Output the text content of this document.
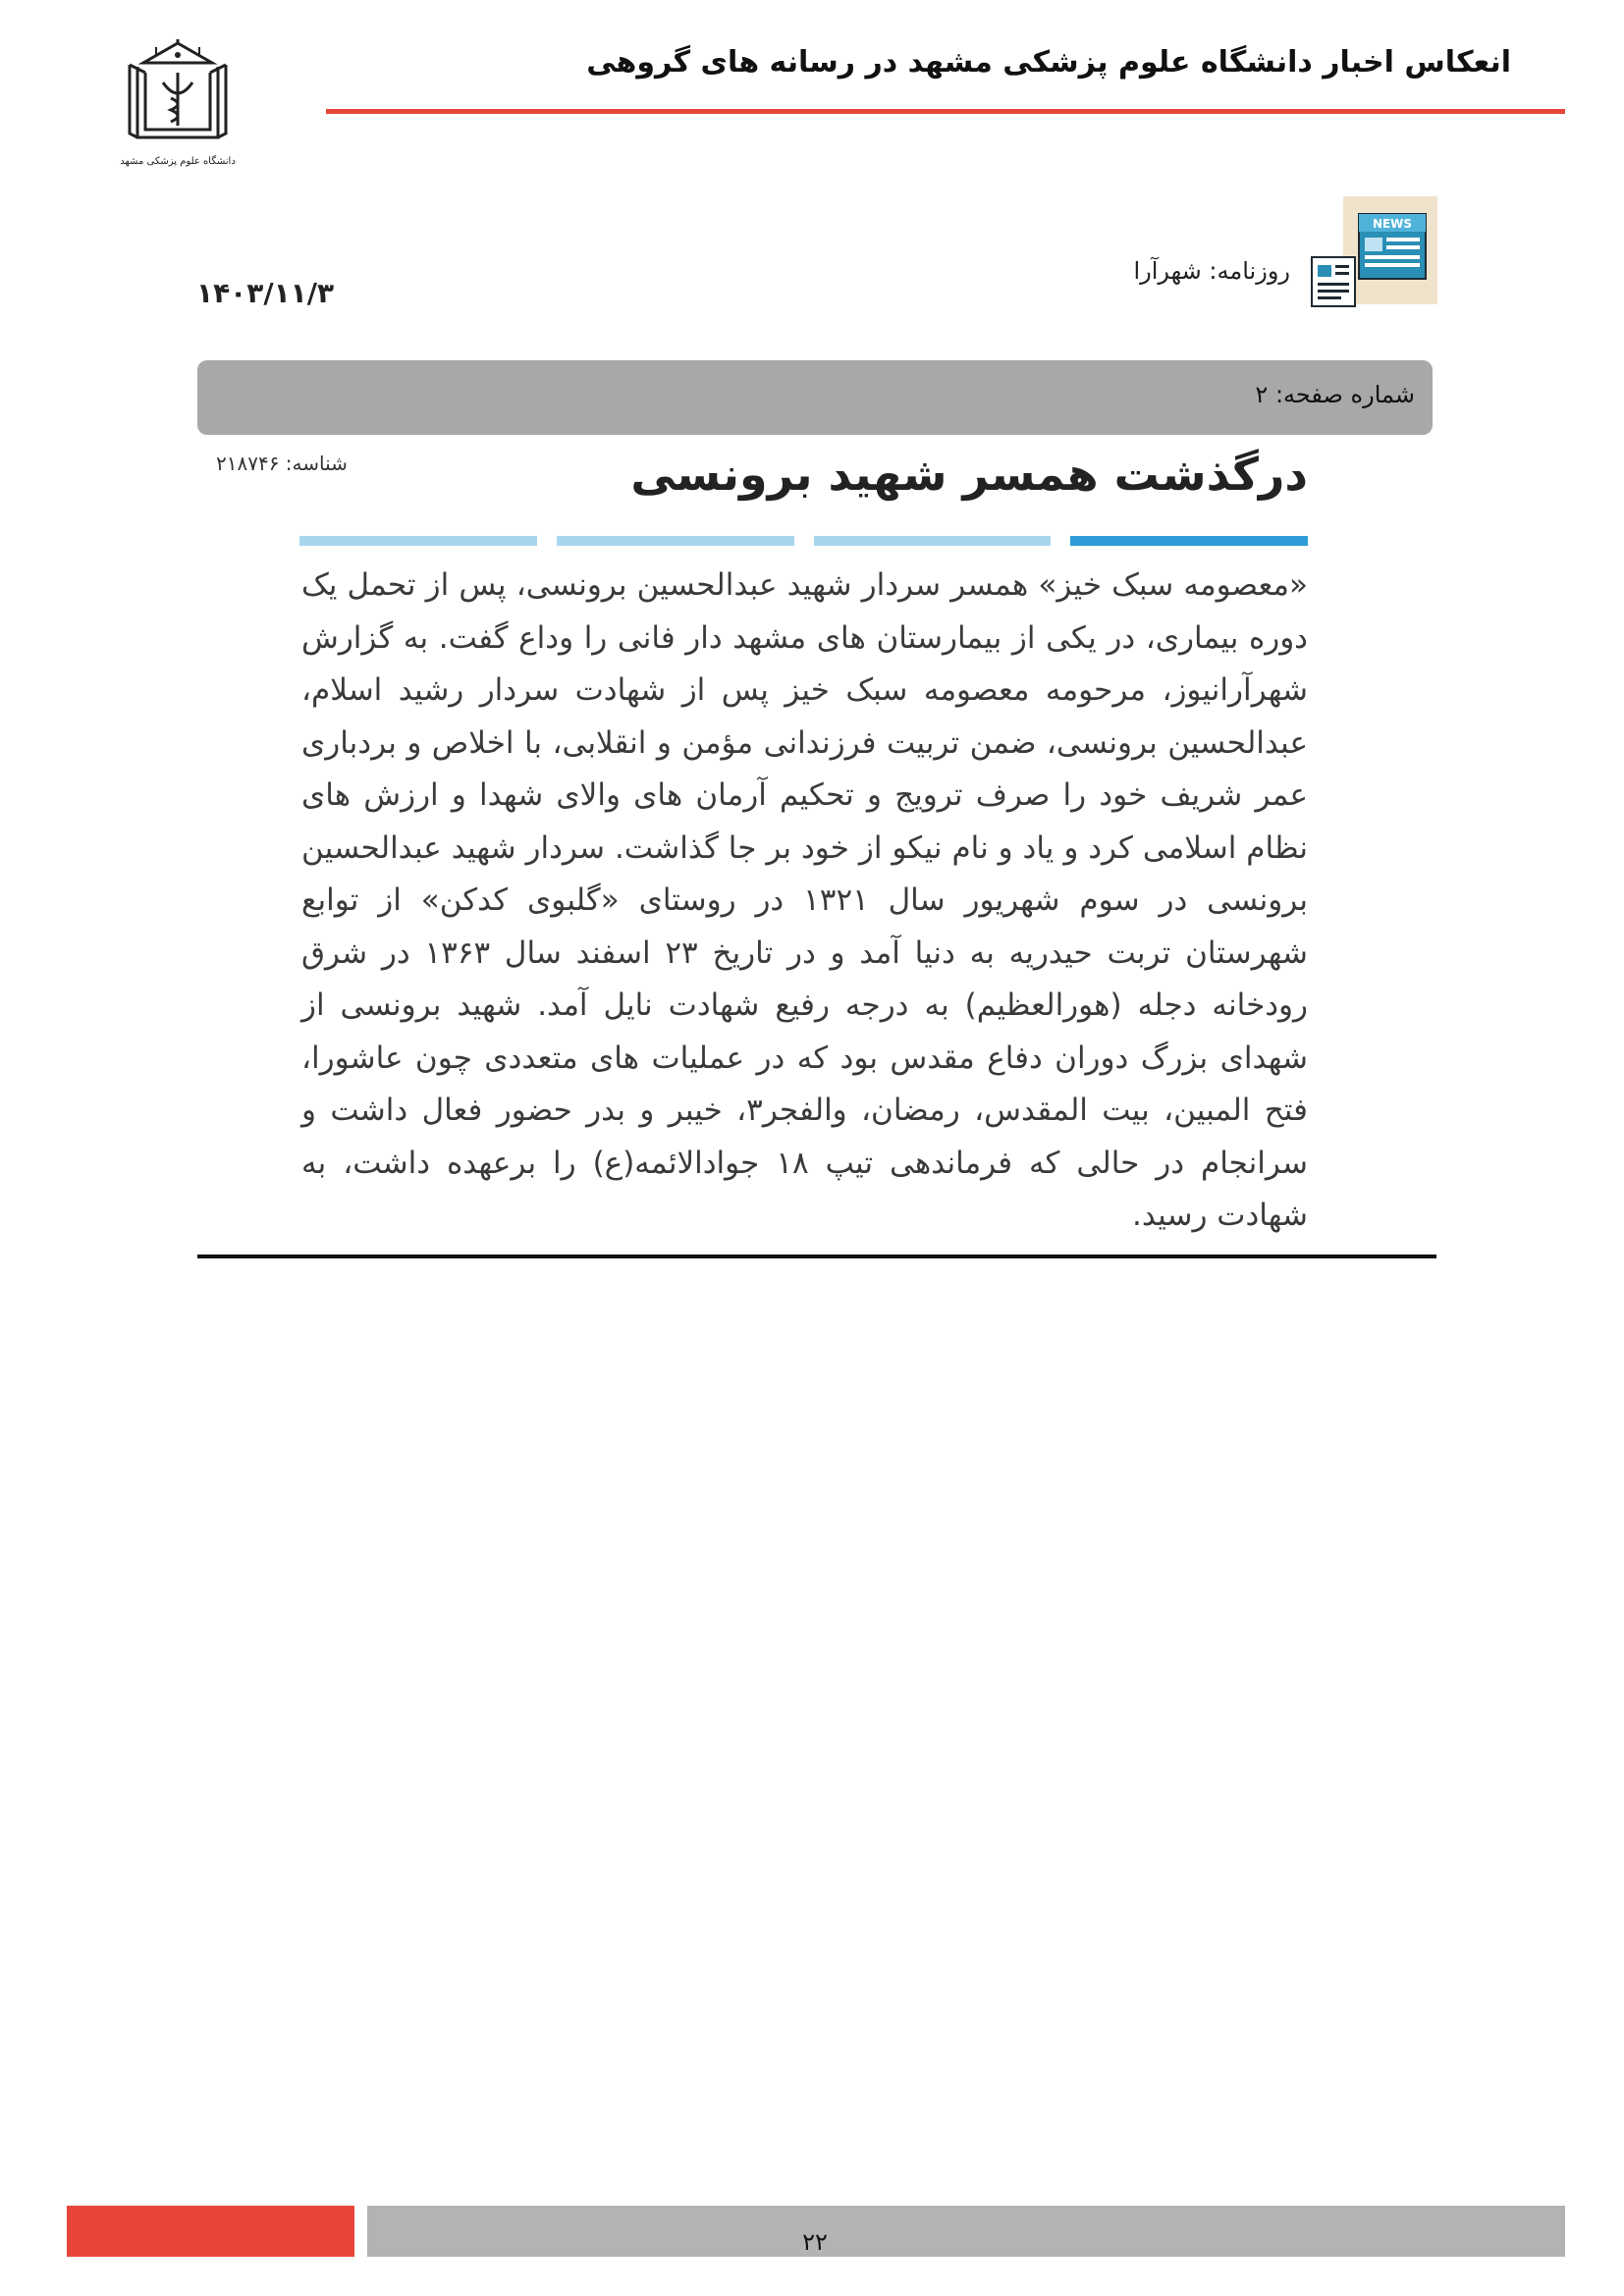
انعکاس اخبار دانشگاه علوم پزشکی مشهد در رسانه های گروهی
دانشگاه علوم پزشکی مشهد
NEWS
روزنامه: شهرآرا
۱۴۰۳/۱۱/۳
شماره صفحه: ۲
شناسه: ۲۱۸۷۴۶	درگذشت همسر شهید برونسی

«معصومه سبک خیز» همسر سردار شهید عبدالحسین برونسی، پس از تحمل یک دوره بیماری، در یکی از بیمارستان های مشهد دار فانی را وداع گفت. به گزارش شهرآرانیوز، مرحومه معصومه سبک خیز پس از شهادت سردار رشید اسلام، عبدالحسین برونسی، ضمن تربیت فرزندانی مؤمن و انقلابی، با اخلاص و بردباری عمر شریف خود را صرف ترویج و تحکیم آرمان های والای شهدا و ارزش های نظام اسلامی کرد و یاد و نام نیکو از خود بر جا گذاشت. سردار شهید عبدالحسین برونسی در سوم شهریور سال ۱۳۲۱ در روستای «گلبوی کدکن» از توابع شهرستان تربت حیدریه به دنیا آمد و در تاریخ ۲۳ اسفند سال ۱۳۶۳ در شرق رودخانه دجله (هورالعظیم) به درجه رفیع شهادت نایل آمد. شهید برونسی از شهدای بزرگ دوران دفاع مقدس بود که در عملیات های متعددی چون عاشورا، فتح المبین، بیت المقدس، رمضان، والفجر۳، خیبر و بدر حضور فعال داشت و سرانجام در حالی که فرماندهی تیپ ۱۸ جوادالائمه(ع) را برعهده داشت، به شهادت رسید.

۲۲
